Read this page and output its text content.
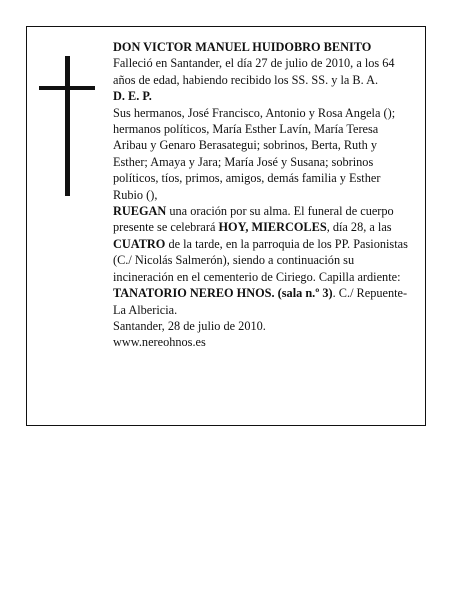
DON VICTOR MANUEL HUIDOBRO BENITO

Falleció en Santander, el día 27 de julio de 2010, a los 64 años de edad, habiendo recibido los SS. SS. y la B. A.

D. E. P.

Sus hermanos, José Francisco, Antonio y Rosa Angela (); hermanos políticos, María Esther Lavín, María Teresa Aribau y Genaro Berasategui; sobrinos, Berta, Ruth y Esther; Amaya y Jara; María José y Susana; sobrinos políticos, tíos, primos, amigos, demás familia y Esther Rubio (),

RUEGAN una oración por su alma. El funeral de cuerpo presente se celebrará HOY, MIERCOLES, día 28, a las CUATRO de la tarde, en la parroquia de los PP. Pasionistas (C./ Nicolás Salmerón), siendo a continuación su incineración en el cementerio de Ciriego. Capilla ardiente: TANATORIO NEREO HNOS. (sala n.º 3). C./ Repuente-La Albericia.

Santander, 28 de julio de 2010.

www.nereohnos.es
